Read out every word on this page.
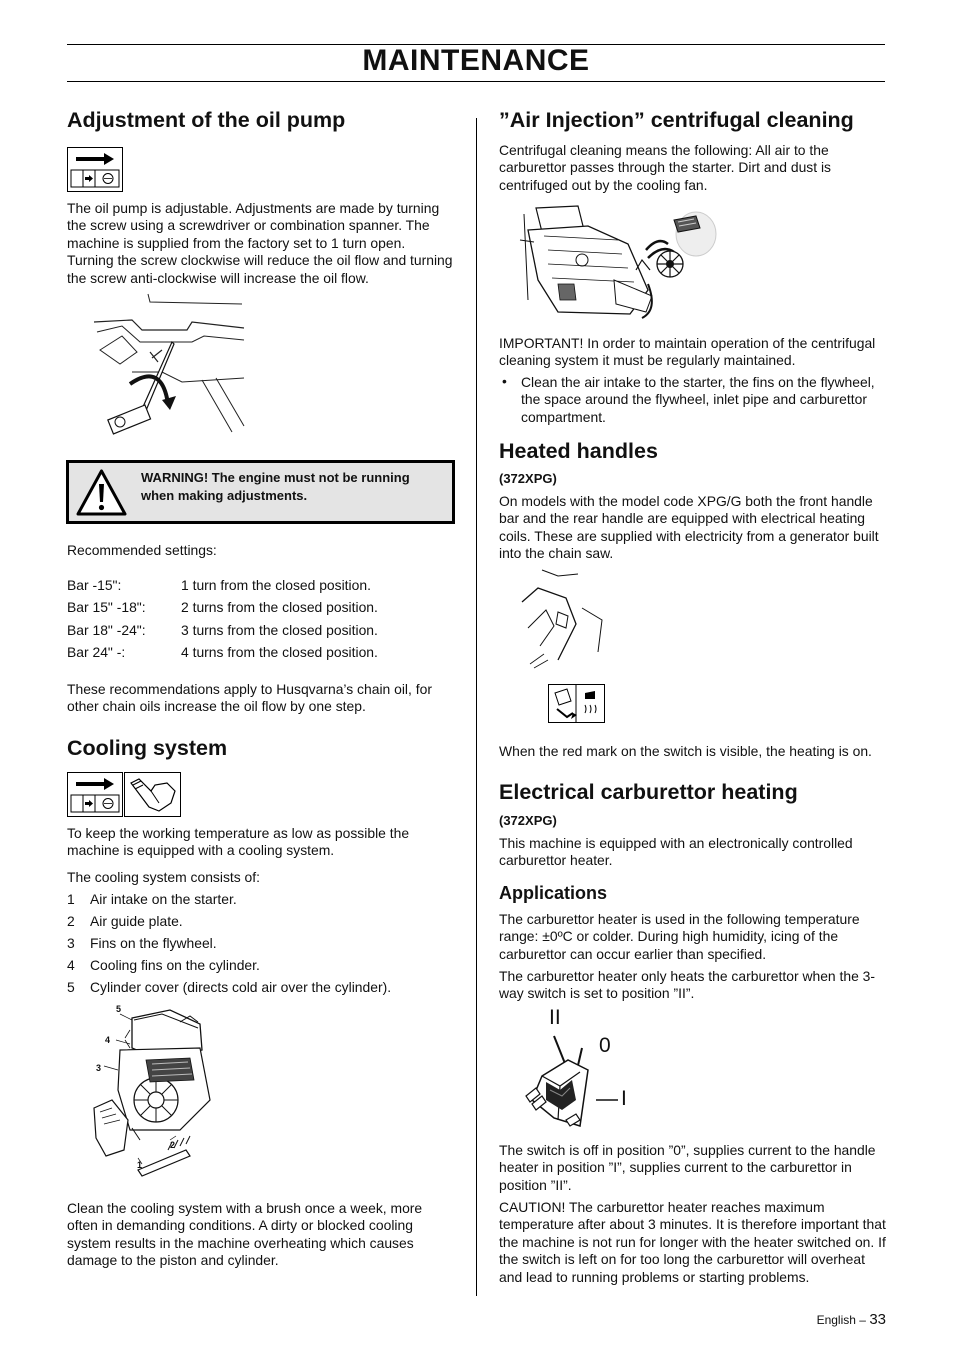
MAINTENANCE
Adjustment of the oil pump

The oil pump is adjustable. Adjustments are made by turning the screw using a screwdriver or combination spanner. The machine is supplied from the factory set to 1 turn open. Turning the screw clockwise will reduce the oil flow and turning the screw anti-clockwise will increase the oil flow.

WARNING! The engine must not be running when making adjustments.

Recommended settings:

Bar -15":	1 turn from the closed position.
Bar 15" -18":	2 turns from the closed position.
Bar 18" -24":	3 turns from the closed position.
Bar 24" -:	4 turns from the closed position.

These recommendations apply to Husqvarna’s chain oil, for other chain oils increase the oil flow by one step.

Cooling system

To keep the working temperature as low as possible the machine is equipped with a cooling system.

The cooling system consists of:

1 Air intake on the starter.
2 Air guide plate.
3 Fins on the flywheel.
4 Cooling fins on the cylinder.
5 Cylinder cover (directs cold air over the cylinder).
5
4
3
2
1

Clean the cooling system with a brush once a week, more often in demanding conditions. A dirty or blocked cooling system results in the machine overheating which causes damage to the piston and cylinder.

”Air Injection” centrifugal cleaning

Centrifugal cleaning means the following: All air to the carburettor passes through the starter. Dirt and dust is centrifuged out by the cooling fan.

IMPORTANT! In order to maintain operation of the centrifugal cleaning system it must be regularly maintained.

• Clean the air intake to the starter, the fins on the flywheel, the space around the flywheel, inlet pipe and carburettor compartment.

Heated handles
(372XPG)

On models with the model code XPG/G both the front handle bar and the rear handle are equipped with electrical heating coils. These are supplied with electricity from a generator built into the chain saw.

When the red mark on the switch is visible, the heating is on.

Electrical carburettor heating
(372XPG)

This machine is equipped with an electronically controlled carburettor heater.

Applications

The carburettor heater is used in the following temperature range: ±0ºC or colder. During high humidity, icing of the carburettor can occur earlier than specified.

The carburettor heater only heats the carburettor when the 3-way switch is set to position ”II”.

II
0
I

The switch is off in position ”0”, supplies current to the handle heater in position ”I”, supplies current to the carburettor in position ”II”.

CAUTION! The carburettor heater reaches maximum temperature after about 3 minutes. It is therefore important that the machine is not run for longer with the heater switched on. If the switch is left on for too long the carburettor will overheat and lead to running problems or starting problems.

English – 33
